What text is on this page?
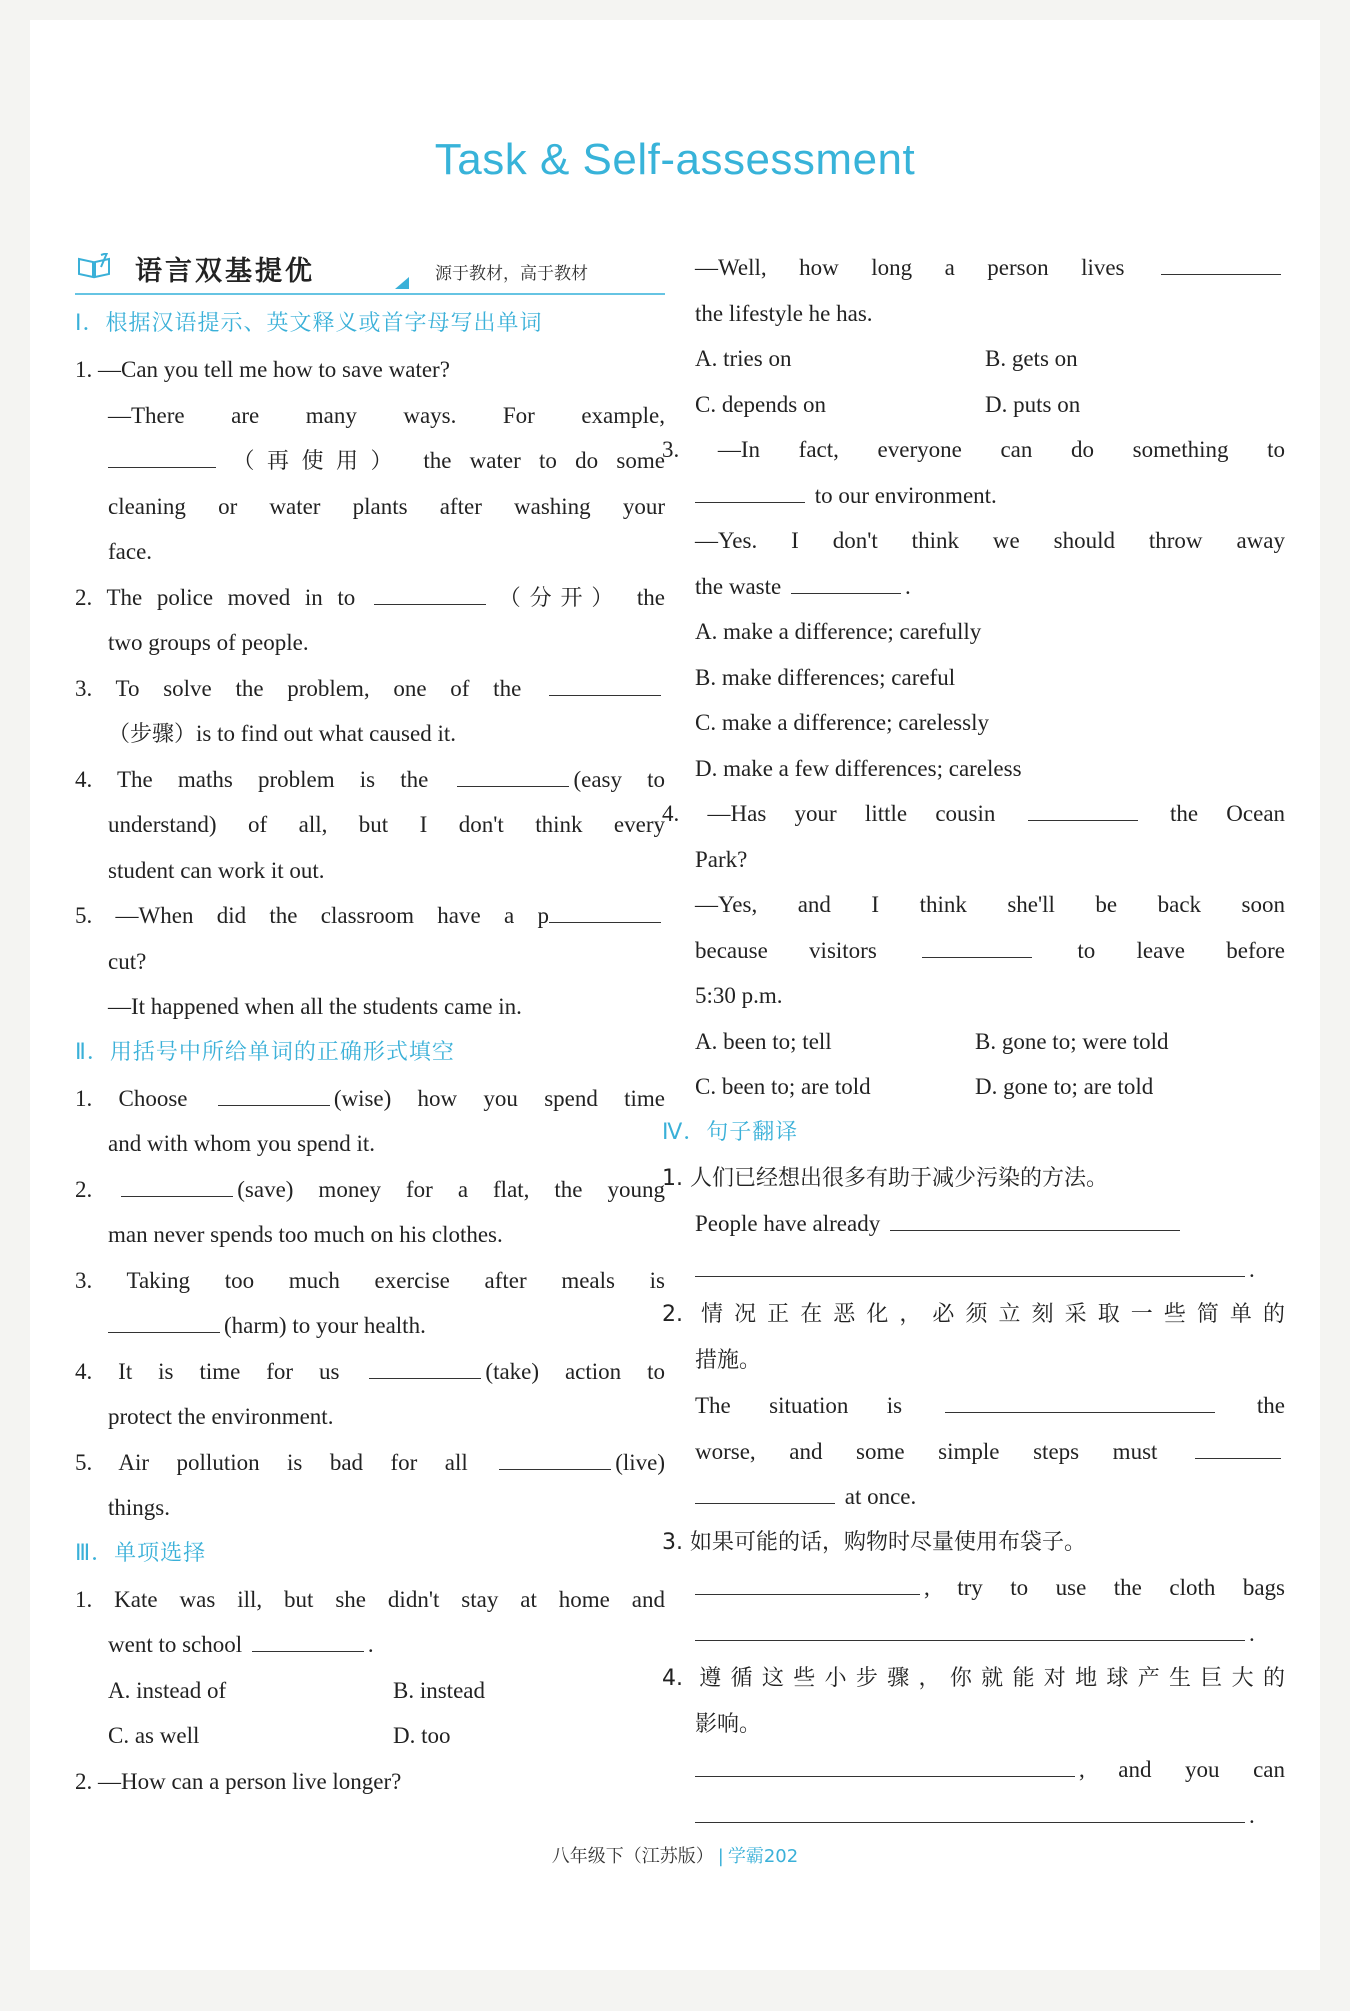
Task & Self-assessment
语言双基提优	源于教材，高于教材
Ⅰ．根据汉语提示、英文释义或首字母写出单词
1. —Can you tell me how to save water?
—There are many ways. For example,
（再使用） the water to do some
cleaning or water plants after washing your
face.
2. The police moved in to	（分开） the
two groups of people.
3. To solve the problem, one of the
（步骤）is to find out what caused it.
4. The maths problem is the	(easy to
understand) of all, but I don't think every
student can work it out.
5. —When did the classroom have a p
cut?
—It happened when all the students came in.
Ⅱ．用括号中所给单词的正确形式填空
1. Choose	(wise) how you spend time
and with whom you spend it.
2.	(save) money for a flat, the young
man never spends too much on his clothes.
3. Taking too much exercise after meals is
(harm) to your health.
4. It is time for us	(take) action to
protect the environment.
5. Air pollution is bad for all	(live)
things.
Ⅲ．单项选择
1. Kate was ill, but she didn't stay at home and
went to school	.
A. instead of	B. instead
C. as well	D. too
2. —How can a person live longer?
—Well, how long a person lives
the lifestyle he has.
A. tries on	B. gets on
C. depends on	D. puts on
3. —In fact, everyone can do something to
to our environment.
—Yes. I don't think we should throw away
the waste	.
A. make a difference; carefully
B. make differences; careful
C. make a difference; carelessly
D. make a few differences; careless
4. —Has your little cousin	the Ocean
Park?
—Yes, and I think she'll be back soon
because visitors	to leave before
5:30 p.m.
A. been to; tell	B. gone to; were told
C. been to; are told	D. gone to; are told
Ⅳ．句子翻译
1. 人们已经想出很多有助于减少污染的方法。
People have already
.
2. 情况正在恶化，必须立刻采取一些简单的
措施。
The situation is	the
worse, and some simple steps must
at once.
3. 如果可能的话，购物时尽量使用布袋子。
, try to use the cloth bags
.
4. 遵循这些小步骤，你就能对地球产生巨大的
影响。
, and you can
.
八年级下（江苏版） | 学霸202
